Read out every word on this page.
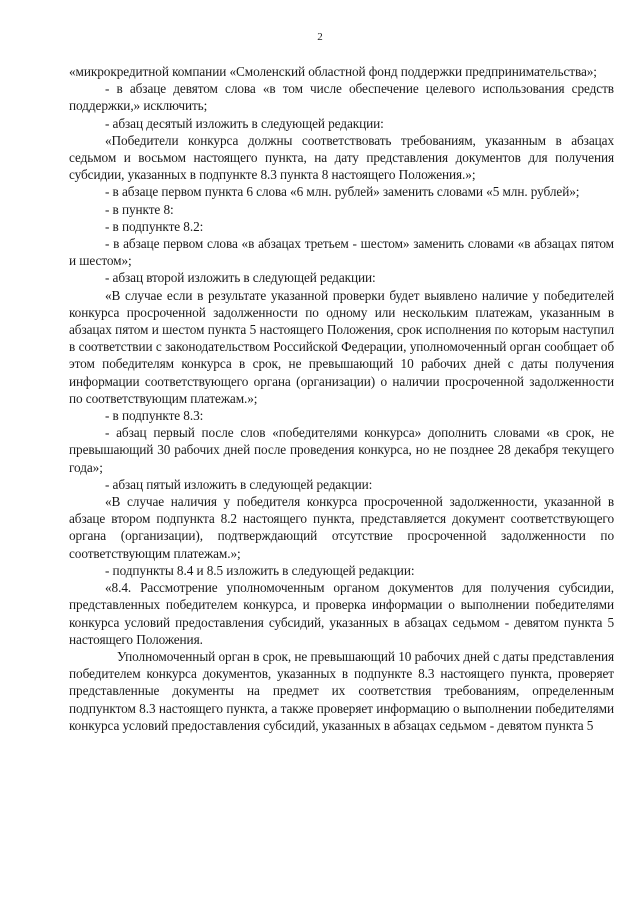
2

«микрокредитной компании «Смоленский областной фонд поддержки предпринимательства»;

- в абзаце девятом слова «в том числе обеспечение целевого использования средств поддержки,» исключить;

- абзац десятый изложить в следующей редакции:

«Победители конкурса должны соответствовать требованиям, указанным в абзацах седьмом и восьмом настоящего пункта, на дату представления документов для получения субсидии, указанных в подпункте 8.3 пункта 8 настоящего Положения.»;

- в абзаце первом пункта 6 слова «6 млн. рублей» заменить словами «5 млн. рублей»;

- в пункте 8:

- в подпункте 8.2:

- в абзаце первом слова «в абзацах третьем - шестом» заменить словами «в абзацах пятом и шестом»;

- абзац второй изложить в следующей редакции:

«В случае если в результате указанной проверки будет выявлено наличие у победителей конкурса просроченной задолженности по одному или нескольким платежам, указанным в абзацах пятом и шестом пункта 5 настоящего Положения, срок исполнения по которым наступил в соответствии с законодательством Российской Федерации, уполномоченный орган сообщает об этом победителям конкурса в срок, не превышающий 10 рабочих дней с даты получения информации соответствующего органа (организации) о наличии просроченной задолженности по соответствующим платежам.»;

- в подпункте 8.3:

- абзац первый после слов «победителями конкурса» дополнить словами «в срок, не превышающий 30 рабочих дней после проведения конкурса, но не позднее 28 декабря текущего года»;

- абзац пятый изложить в следующей редакции:

«В случае наличия у победителя конкурса просроченной задолженности, указанной в абзаце втором подпункта 8.2 настоящего пункта, представляется документ соответствующего органа (организации), подтверждающий отсутствие просроченной задолженности по соответствующим платежам.»;

- подпункты 8.4 и 8.5 изложить в следующей редакции:

«8.4. Рассмотрение уполномоченным органом документов для получения субсидии, представленных победителем конкурса, и проверка информации о выполнении победителями конкурса условий предоставления субсидий, указанных в абзацах седьмом - девятом пункта 5 настоящего Положения.

Уполномоченный орган в срок, не превышающий 10 рабочих дней с даты представления победителем конкурса документов, указанных в подпункте 8.3 настоящего пункта, проверяет представленные документы на предмет их соответствия требованиям, определенным подпунктом 8.3 настоящего пункта, а также проверяет информацию о выполнении победителями конкурса условий предоставления субсидий, указанных в абзацах седьмом - девятом пункта 5
